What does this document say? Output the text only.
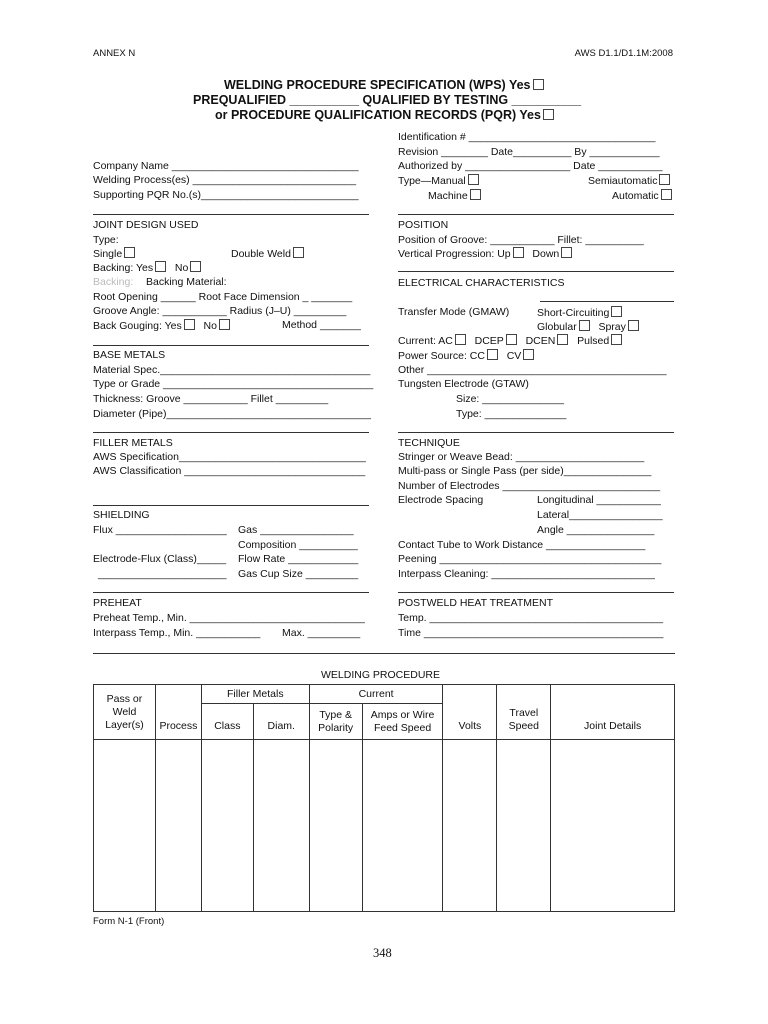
ANNEX N	AWS D1.1/D1.1M:2008
WELDING PROCEDURE SPECIFICATION (WPS) Yes
PREQUALIFIED __________ QUALIFIED BY TESTING __________
or PROCEDURE QUALIFICATION RECORDS (PQR) Yes
Identification # ________________________________
Revision ________ Date__________ By ____________
Authorized by __________________ Date ___________
Type—Manual	Semiautomatic
Machine	Automatic
Company Name ________________________________
Welding Process(es) ____________________________
Supporting PQR No.(s)___________________________
JOINT DESIGN USED
Type:
Single	Double Weld
Backing: Yes No
Backing: Backing Material:
Root Opening ______ Root Face Dimension _ _______
Groove Angle: ___________ Radius (J–U) _________
Back Gouging: Yes No	Method _______
POSITION
Position of Groove: ___________ Fillet: __________
Vertical Progression: Up Down
ELECTRICAL CHARACTERISTICS
Transfer Mode (GMAW)	Short-Circuiting
Globular Spray
Current: AC DCEP DCEN Pulsed
Power Source: CC CV
Other _________________________________________
Tungsten Electrode (GTAW)
Size: ______________
Type: ______________
BASE METALS
Material Spec.____________________________________
Type or Grade ____________________________________
Thickness: Groove ___________ Fillet _________
Diameter (Pipe)___________________________________
FILLER METALS
AWS Specification________________________________
AWS Classification _______________________________
TECHNIQUE
Stringer or Weave Bead: ______________________
Multi-pass or Single Pass (per side)_______________
Number of Electrodes ___________________________
Electrode Spacing	Longitudinal ___________
Lateral________________
Angle _______________
Contact Tube to Work Distance _________________
Peening ______________________________________
Interpass Cleaning: ____________________________
SHIELDING
Flux ___________________ Gas ________________
Composition __________
Electrode-Flux (Class)_____ Flow Rate ____________
______________________ Gas Cup Size _________
PREHEAT
Preheat Temp., Min. ______________________________
Interpass Temp., Min. ___________ Max. _________
POSTWELD HEAT TREATMENT
Temp. ________________________________________
Time _________________________________________
WELDING PROCEDURE
Pass or Weld Layer(s)	Process	Filler Metals		Current		Volts	Travel Speed	Joint Details
		Class	Diam.	Type & Polarity	Amps or Wire Feed Speed			

Form N-1 (Front)
348
